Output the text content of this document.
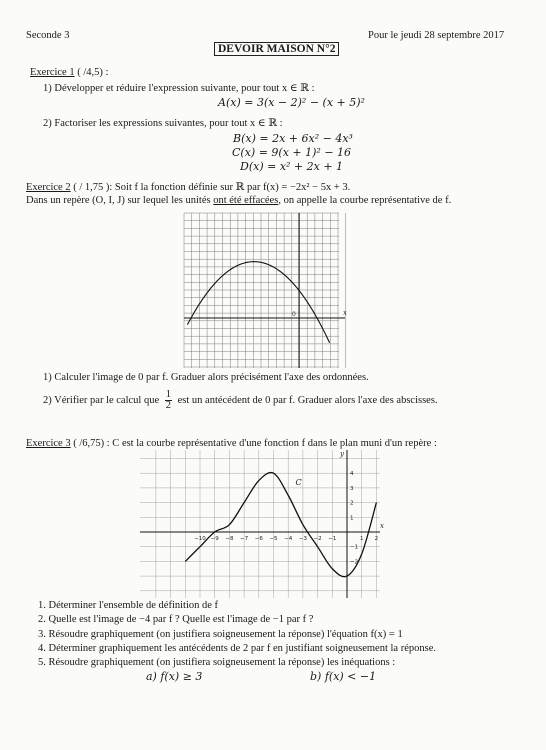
Seconde 3
DEVOIR MAISON N°2
Pour le jeudi 28 septembre 2017
Exercice 1 ( /4,5) :
1) Développer et réduire l'expression suivante, pour tout x ∈ ℝ :
A(x) = 3(x − 2)² − (x + 5)²
2) Factoriser les expressions suivantes, pour tout x ∈ ℝ :
B(x) = 2x + 6x² − 4x³
C(x) = 9(x + 1)² − 16
D(x) = x² + 2x + 1
Exercice 2 ( / 1,75 ): Soit f la fonction définie sur ℝ par f(x) = −2x² − 5x + 3.
Dans un repère (O, I, J) sur lequel les unités ont été effacées, on appelle la courbe représentative de f.
x
0
1) Calculer l'image de 0 par f. Graduer alors précisément l'axe des ordonnées.
2) Vérifier par le calcul que $\frac{1}{2}$ est un antécédent de 0 par f. Graduer alors l'axe des abscisses.
Exercice 3 ( /6,75) : C est la courbe représentative d'une fonction f dans le plan muni d'un repère :
x
y
−10 −9 −8 −7 −6 −5 −4 −3 −2 −1	1 2
−2
−1
1
2
3
4
C
1. Déterminer l'ensemble de définition de f
2. Quelle est l'image de −4 par f ? Quelle est l'image de −1 par f ?
3. Résoudre graphiquement (on justifiera soigneusement la réponse) l'équation f(x) = 1
4. Déterminer graphiquement les antécédents de 2 par f en justifiant soigneusement la réponse.
5. Résoudre graphiquement (on justifiera soigneusement la réponse) les inéquations :
a) f(x) ≥ 3	b) f(x) < −1
